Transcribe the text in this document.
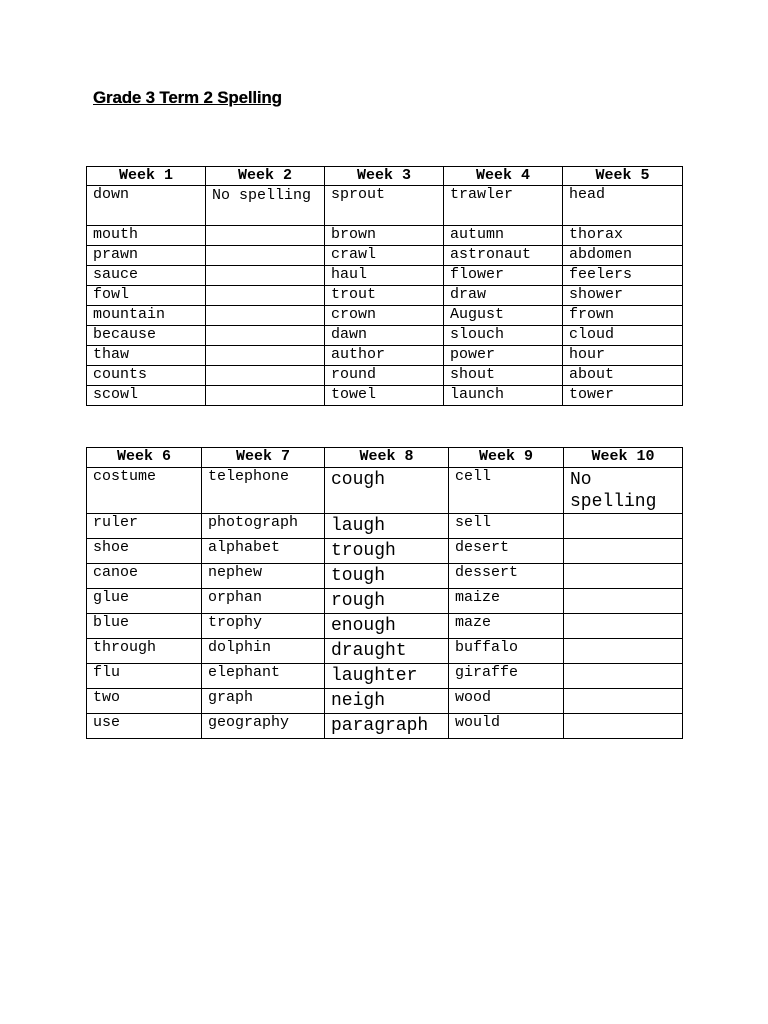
Grade 3 Term 2 Spelling
Week 1	Week 2	Week 3	Week 4	Week 5
down	No spelling	sprout	trawler	head
mouth		brown	autumn	thorax
prawn		crawl	astronaut	abdomen
sauce		haul	flower	feelers
fowl		trout	draw	shower
mountain		crown	August	frown
because		dawn	slouch	cloud
thaw		author	power	hour
counts		round	shout	about
scowl		towel	launch	tower
Week 6	Week 7	Week 8	Week 9	Week 10
costume	telephone	cough	cell	No spelling
ruler	photograph	laugh	sell	
shoe	alphabet	trough	desert	
canoe	nephew	tough	dessert	
glue	orphan	rough	maize	
blue	trophy	enough	maze	
through	dolphin	draught	buffalo	
flu	elephant	laughter	giraffe	
two	graph	neigh	wood	
use	geography	paragraph	would	
